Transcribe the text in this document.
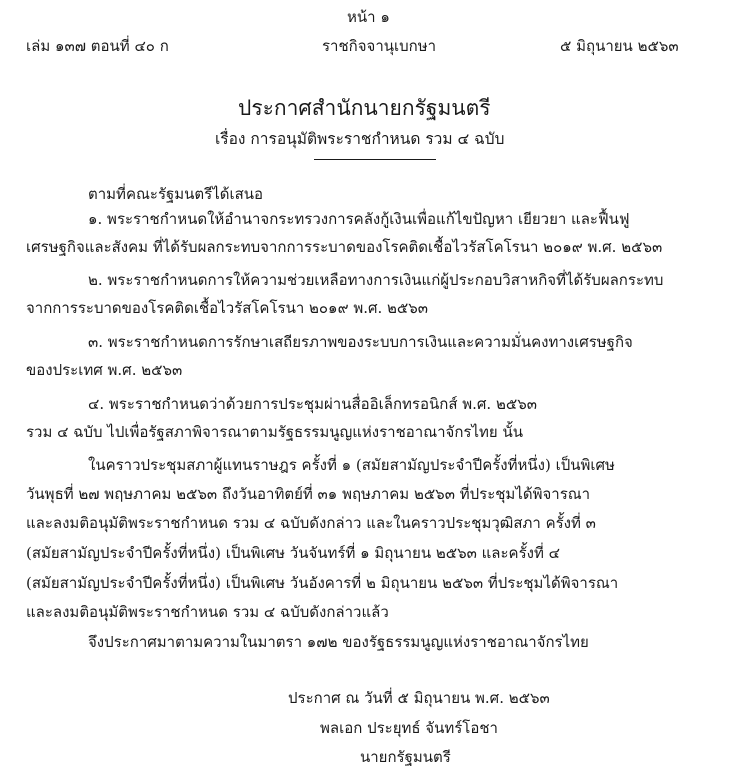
หน้า ๑
เล่ม ๑๓๗ ตอนที่ ๔๐ ก	ราชกิจจานุเบกษา	๕ มิถุนายน ๒๕๖๓
ประกาศสำนักนายกรัฐมนตรี
เรื่อง การอนุมัติพระราชกำหนด รวม ๔ ฉบับ
ตามที่คณะรัฐมนตรีได้เสนอ
๑. พระราชกำหนดให้อำนาจกระทรวงการคลังกู้เงินเพื่อแก้ไขปัญหา เยียวยา และฟื้นฟู
เศรษฐกิจและสังคม ที่ได้รับผลกระทบจากการระบาดของโรคติดเชื้อไวรัสโคโรนา ๒๐๑๙ พ.ศ. ๒๕๖๓
๒. พระราชกำหนดการให้ความช่วยเหลือทางการเงินแก่ผู้ประกอบวิสาหกิจที่ได้รับผลกระทบ
จากการระบาดของโรคติดเชื้อไวรัสโคโรนา ๒๐๑๙ พ.ศ. ๒๕๖๓
๓. พระราชกำหนดการรักษาเสถียรภาพของระบบการเงินและความมั่นคงทางเศรษฐกิจ
ของประเทศ พ.ศ. ๒๕๖๓
๔. พระราชกำหนดว่าด้วยการประชุมผ่านสื่ออิเล็กทรอนิกส์ พ.ศ. ๒๕๖๓
รวม ๔ ฉบับ ไปเพื่อรัฐสภาพิจารณาตามรัฐธรรมนูญแห่งราชอาณาจักรไทย นั้น
ในคราวประชุมสภาผู้แทนราษฎร ครั้งที่ ๑ (สมัยสามัญประจำปีครั้งที่หนึ่ง) เป็นพิเศษ
วันพุธที่ ๒๗ พฤษภาคม ๒๕๖๓ ถึงวันอาทิตย์ที่ ๓๑ พฤษภาคม ๒๕๖๓ ที่ประชุมได้พิจารณา
และลงมติอนุมัติพระราชกำหนด รวม ๔ ฉบับดังกล่าว และในคราวประชุมวุฒิสภา ครั้งที่ ๓
(สมัยสามัญประจำปีครั้งที่หนึ่ง) เป็นพิเศษ วันจันทร์ที่ ๑ มิถุนายน ๒๕๖๓ และครั้งที่ ๔
(สมัยสามัญประจำปีครั้งที่หนึ่ง) เป็นพิเศษ วันอังคารที่ ๒ มิถุนายน ๒๕๖๓ ที่ประชุมได้พิจารณา
และลงมติอนุมัติพระราชกำหนด รวม ๔ ฉบับดังกล่าวแล้ว
จึงประกาศมาตามความในมาตรา ๑๗๒ ของรัฐธรรมนูญแห่งราชอาณาจักรไทย
ประกาศ ณ วันที่ ๕ มิถุนายน พ.ศ. ๒๕๖๓
พลเอก ประยุทธ์ จันทร์โอชา
นายกรัฐมนตรี
